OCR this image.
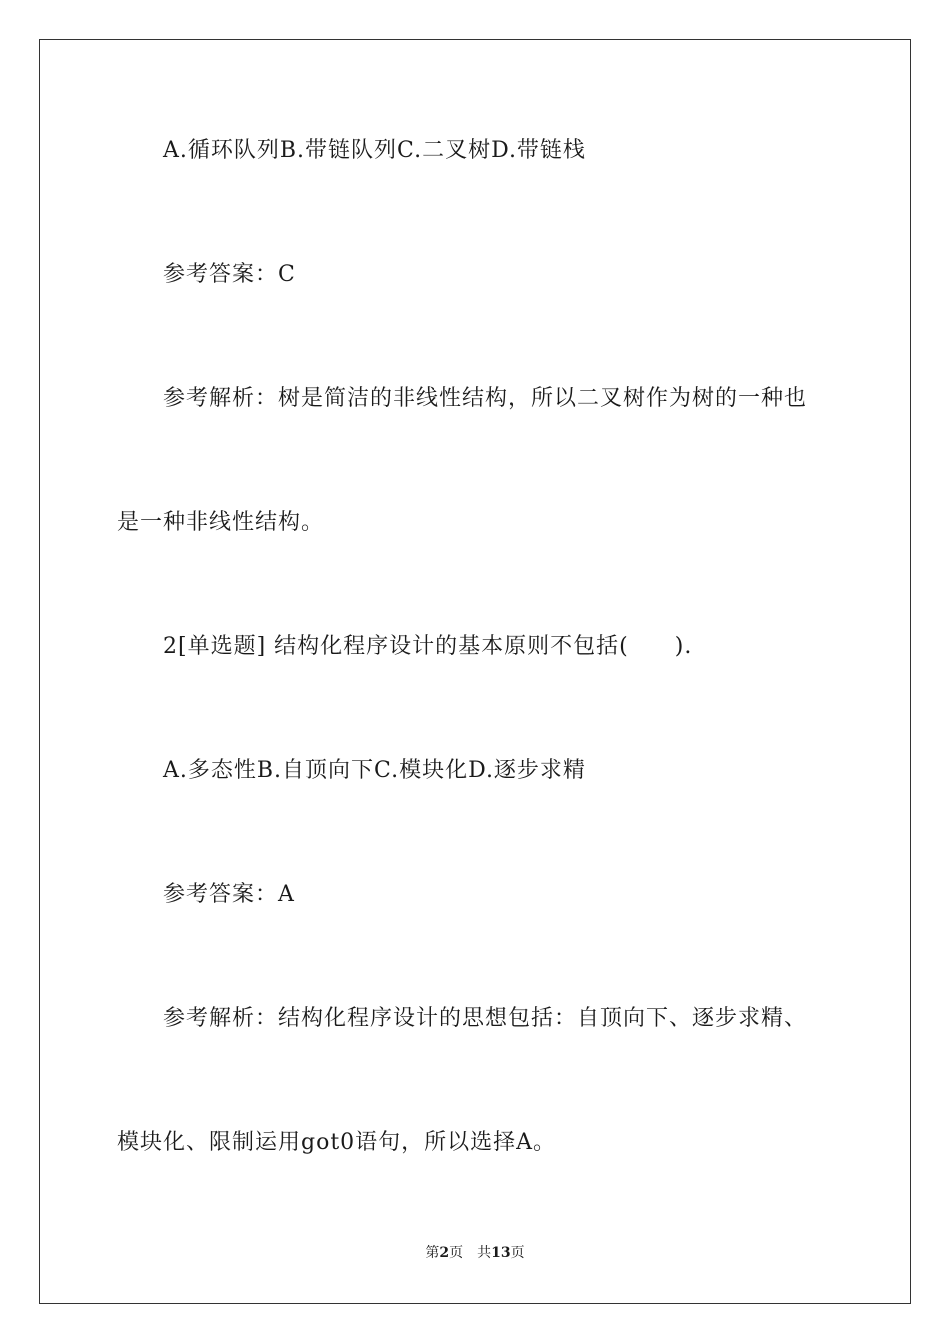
A.循环队列B.带链队列C.二叉树D.带链栈
参考答案：C
参考解析：树是简洁的非线性结构，所以二叉树作为树的一种也
是一种非线性结构。
2[单选题] 结构化程序设计的基本原则不包括(　　).
A.多态性B.自顶向下C.模块化D.逐步求精
参考答案：A
参考解析：结构化程序设计的思想包括：自顶向下、逐步求精、
模块化、限制运用got0语句，所以选择A。
第2页 共13页
